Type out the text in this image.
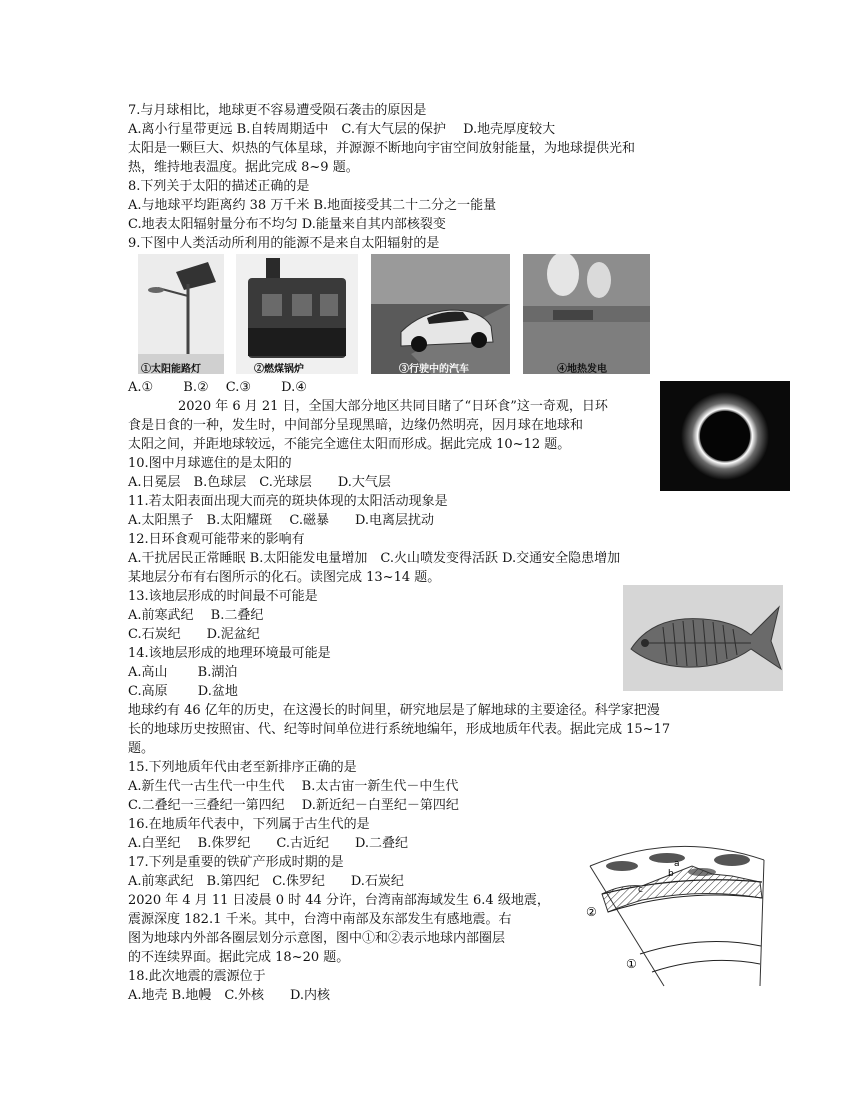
7.与月球相比，地球更不容易遭受陨石袭击的原因是
A.离小行星带更远 B.自转周期适中　C.有大气层的保护　 D.地壳厚度较大
太阳是一颗巨大、炽热的气体星球，并源源不断地向宇宙空间放射能量，为地球提供光和
热，维持地表温度。据此完成 8~9 题。
8.下列关于太阳的描述正确的是
A.与地球平均距离约 38 万千米 B.地面接受其二十二分之一能量
C.地表太阳辐射量分布不均匀 D.能量来自其内部核裂变
9.下图中人类活动所利用的能源不是来自太阳辐射的是
①太阳能路灯	②燃煤锅炉	③行驶中的汽车	④地热发电
A.①　　 B.②　 C.③　　 D.④
2020 年 6 月 21 日，全国大部分地区共同目睹了“日环食”这一奇观，日环
食是日食的一种，发生时，中间部分呈现黑暗，边缘仍然明亮，因月球在地球和
太阳之间，并距地球较远，不能完全遮住太阳而形成。据此完成 10~12 题。
10.图中月球遮住的是太阳的
A.日冕层　B.色球层　C.光球层　　D.大气层
11.若太阳表面出现大而亮的斑块体现的太阳活动现象是
A.太阳黑子　B.太阳耀斑　 C.磁暴　　D.电离层扰动
12.日环食观可能带来的影响有
A.干扰居民正常睡眠 B.太阳能发电量增加　C.火山喷发变得活跃 D.交通安全隐患增加
某地层分布有右图所示的化石。读图完成 13~14 题。
13.该地层形成的时间最不可能是
A.前寒武纪　 B.二叠纪
C.石炭纪　　D.泥盆纪
14.该地层形成的地理环境最可能是
A.高山　　 B.湖泊
C.高原　　 D.盆地
地球约有 46 亿年的历史，在这漫长的时间里，研究地层是了解地球的主要途径。科学家把漫
长的地球历史按照宙、代、纪等时间单位进行系统地编年，形成地质年代表。据此完成 15~17
题。
15.下列地质年代由老至新排序正确的是
A.新生代一古生代一中生代　 B.太古宙一新生代－中生代
C.二叠纪一三叠纪一第四纪　 D.新近纪－白垩纪－第四纪
16.在地质年代表中，下列属于古生代的是
A.白垩纪　 B.侏罗纪　　C.古近纪　　D.二叠纪
17.下列是重要的铁矿产形成时期的是
A.前寒武纪　B.第四纪　C.侏罗纪　　D.石炭纪
2020 年 4 月 11 日凌晨 0 时 44 分许，台湾南部海域发生 6.4 级地震，
震源深度 182.1 千米。其中，台湾中南部及东部发生有感地震。右
图为地球内外部各圈层划分示意图，图中①和②表示地球内部圈层
的不连续界面。据此完成 18~20 题。
18.此次地震的震源位于
A.地壳 B.地幔　C.外核　　D.内核
a
b
c
②
①
